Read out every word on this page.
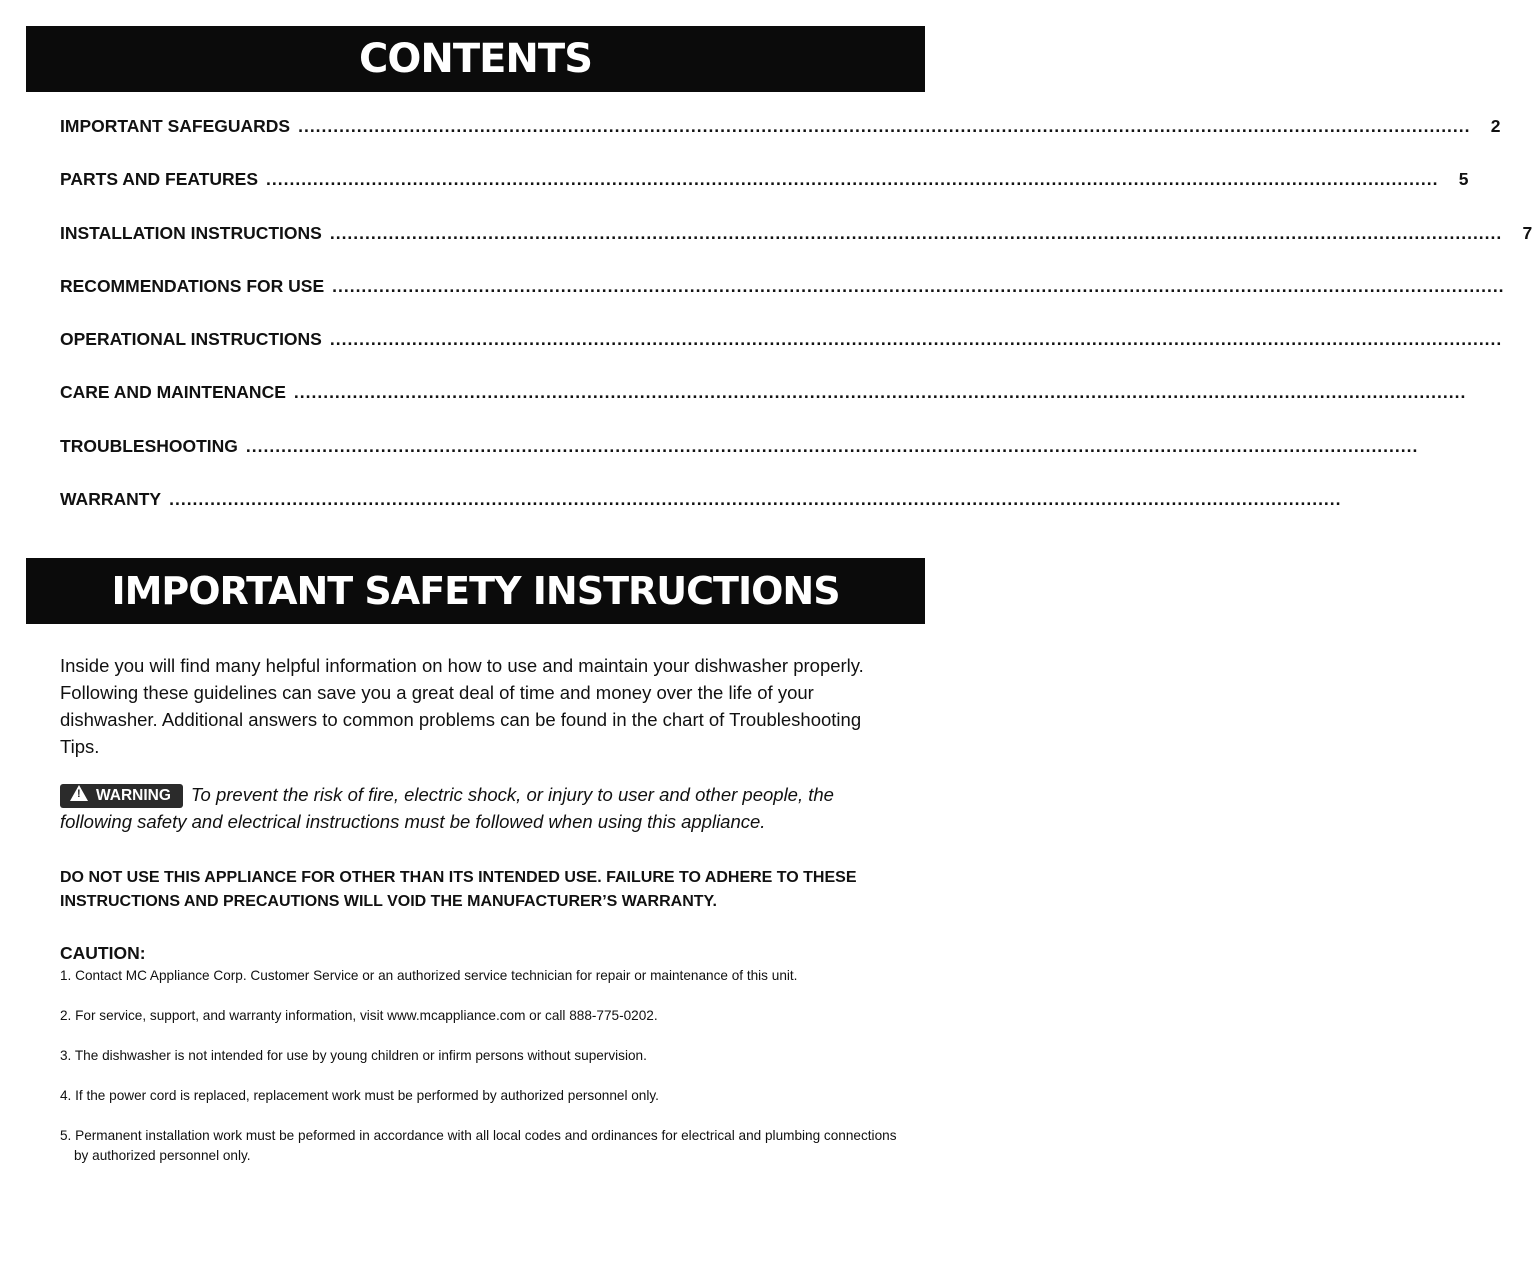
CONTENTS
IMPORTANT SAFEGUARDS ........................................................................................................................................................................................................	2
PARTS AND FEATURES ........................................................................................................................................................................................................	5
INSTALLATION INSTRUCTIONS ........................................................................................................................................................................................................	7
RECOMMENDATIONS FOR USE ........................................................................................................................................................................................................
OPERATIONAL INSTRUCTIONS ........................................................................................................................................................................................................
CARE AND MAINTENANCE ........................................................................................................................................................................................................
TROUBLESHOOTING ........................................................................................................................................................................................................
WARRANTY ........................................................................................................................................................................................................
IMPORTANT SAFETY INSTRUCTIONS
Inside you will find many helpful information on how to use and maintain your dishwasher properly. Following these guidelines can save you a great deal of time and money over the life of your dishwasher. Additional answers to common problems can be found in the chart of Troubleshooting Tips.
! WARNING To prevent the risk of fire, electric shock, or injury to user and other people, the following safety and electrical instructions must be followed when using this appliance.
DO NOT USE THIS APPLIANCE FOR OTHER THAN ITS INTENDED USE. FAILURE TO ADHERE TO THESE INSTRUCTIONS AND PRECAUTIONS WILL VOID THE MANUFACTURER’S WARRANTY.
CAUTION:
1. Contact MC Appliance Corp. Customer Service or an authorized service technician for repair or maintenance of this unit.
2. For service, support, and warranty information, visit www.mcappliance.com or call 888-775-0202.
3. The dishwasher is not intended for use by young children or infirm persons without supervision.
4. If the power cord is replaced, replacement work must be performed by authorized personnel only.
5. Permanent installation work must be peformed in accordance with all local codes and ordinances for electrical and plumbing connections by authorized personnel only.
